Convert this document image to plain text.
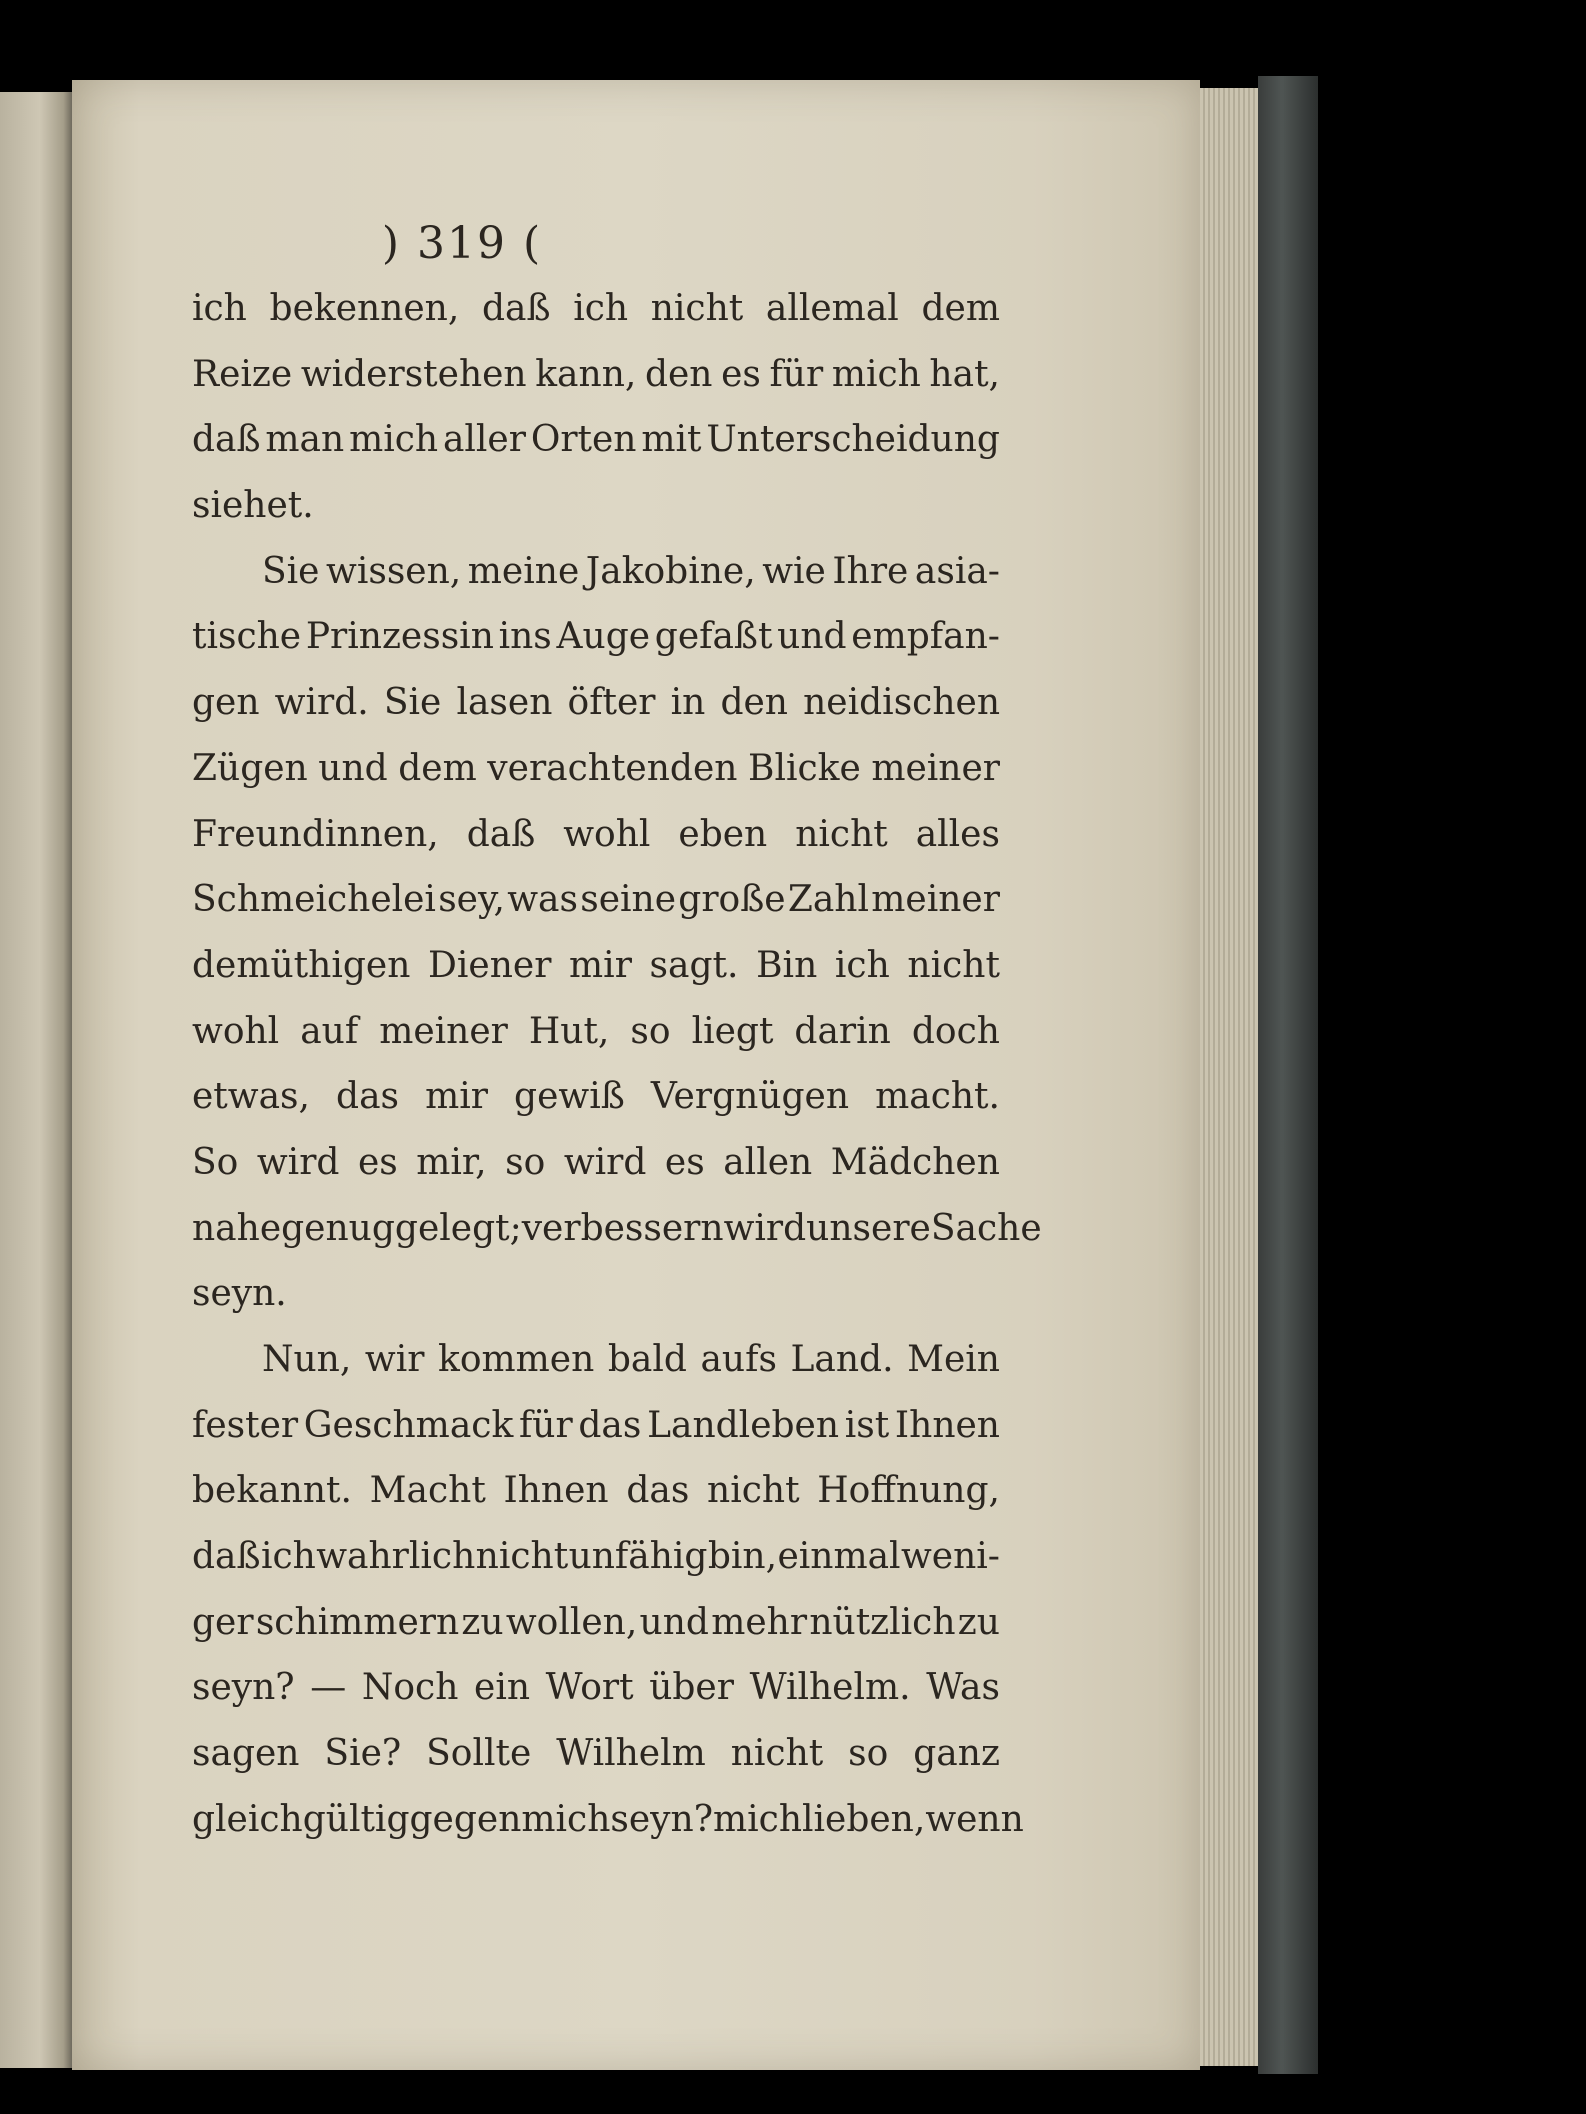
) 319 (
ich bekennen, daß ich nicht allemal dem
Reize widerstehen kann, den es für mich hat,
daß man mich aller Orten mit Unterscheidung
siehet.
Sie wissen, meine Jakobine, wie Ihre asia-
tische Prinzessin ins Auge gefaßt und empfan-
gen wird. Sie lasen öfter in den neidischen
Zügen und dem verachtenden Blicke meiner
Freundinnen, daß wohl eben nicht alles
Schmeichelei sey, was seine große Zahl meiner
demüthigen Diener mir sagt. Bin ich nicht
wohl auf meiner Hut, so liegt darin doch
etwas, das mir gewiß Vergnügen macht.
So wird es mir, so wird es allen Mädchen
nahe genug gelegt; verbessern wird unsere Sache
seyn.
Nun, wir kommen bald aufs Land. Mein
fester Geschmack für das Landleben ist Ihnen
bekannt. Macht Ihnen das nicht Hoffnung,
daß ich wahrlich nicht unfähig bin, einmal weni-
ger schimmern zu wollen, und mehr nützlich zu
seyn? — Noch ein Wort über Wilhelm. Was
sagen Sie? Sollte Wilhelm nicht so ganz
gleichgültig gegen mich seyn? mich lieben, wenn
